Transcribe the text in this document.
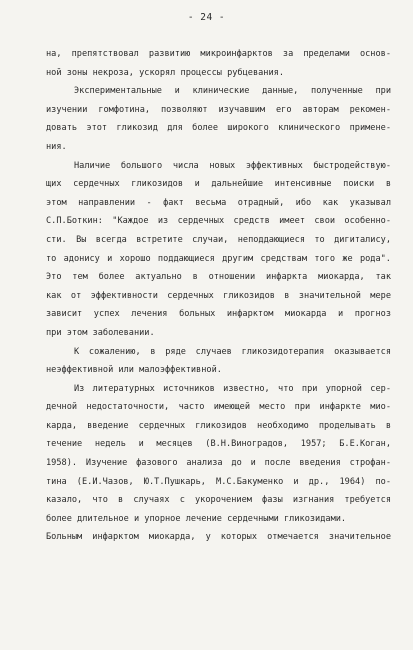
- 24 -
на, препятствовал развитию микроинфарктов за пределами основ-
ной зоны некроза, ускорял процессы рубцевания.
Экспериментальные и клинические данные, полученные при
изучении гомфотина, позволяют изучавшим его авторам рекомен-
довать этот гликозид для более широкого клинического примене-
ния.
Наличие большого числа новых эффективных быстродействую-
щих сердечных гликозидов и дальнейшие интенсивные поиски в
этом направлении - факт весьма отрадный, ибо как указывал
С.П.Боткин: "Каждое из сердечных средств имеет свои особенно-
сти. Вы всегда встретите случаи, неподдающиеся то дигиталису,
то адонису и хорошо поддающиеся другим средствам того же рода".
Это тем более актуально в отношении инфаркта миокарда, так
как от эффективности сердечных гликозидов в значительной мере
зависит успех лечения больных инфарктом миокарда и прогноз
при этом заболевании.
К сожалению, в ряде случаев гликозидотерапия оказывается
неэффективной или малоэффективной.
Из литературных источников известно, что при упорной сер-
дечной недостаточности, часто имеющей место при инфаркте мио-
карда, введение сердечных гликозидов необходимо проделывать в
течение недель и месяцев (В.Н.Виноградов, 1957; Б.Е.Коган,
1958). Изучение фазового анализа до и после введения строфан-
тина (Е.И.Чазов, Ю.Т.Пушкарь, М.С.Бакуменко и др., 1964) по-
казало, что в случаях с укорочением фазы изгнания требуется
более длительное и упорное лечение сердечными гликозидами.
Больным инфарктом миокарда, у которых отмечается значительное
